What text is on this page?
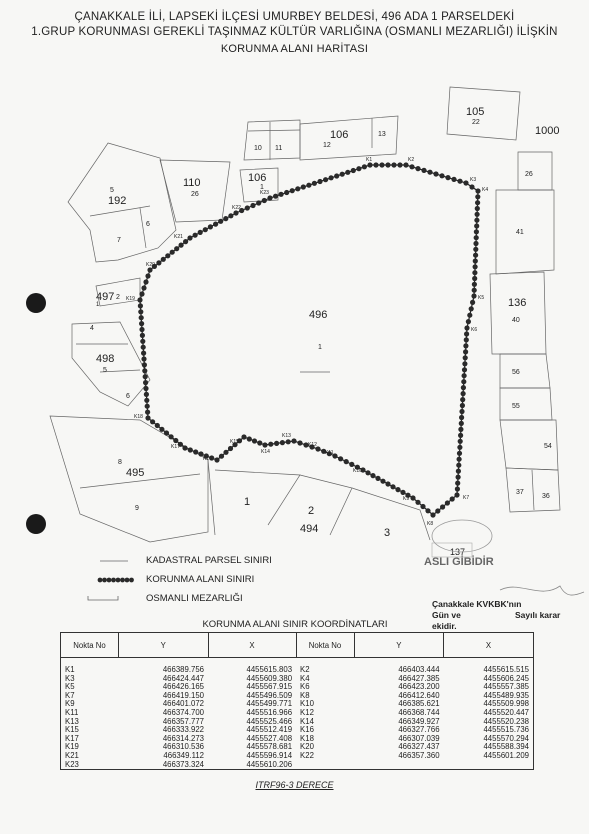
ÇANAKKALE İLİ, LAPSEKİ İLÇESİ UMURBEY BELDESİ, 496 ADA 1 PARSELDEKİ
1.GRUP KORUNMASI GEREKLİ TAŞINMAZ KÜLTÜR VARLIĞINA (OSMANLI MEZARLIĞI) İLİŞKİN
KORUNMA ALANI HARİTASI
K1	K2
K3
K4
K5
K6
K7
K8
K9
K10
K11
K12
K13
K14
K15
K16
K17
K18
K19
K20
K21
K22
K23
1000
105
22
106
12
13
10 11
106
1
110
26
5
192
6
7
497 2
1
1
498
5
4
6
495
8
9
496
136
40
41
26
56
55
54
37
36
1
2
494	3
137
KADASTRAL PARSEL SINIRI
KORUNMA ALANI SINIRI
OSMANLI MEZARLIĞI
ASLI GİBİDİR
Çanakkale KVKBK'nın
Gün ve	Sayılı karar
ekidir.
KORUNMA ALANI SINIR KOORDİNATLARI
Nokta No	Y	X	Nokta No	Y	X
K1	466389.756	4455615.803	K2	466403.444	4455615.515
K3	466424.447	4455609.380	K4	466427.385	4455606.245
K5	466426.165	4455567.915	K6	466423.200	4455557.385
K7	466419.150	4455496.509	K8	466412.640	4455489.935
K9	466401.072	4455499.771	K10	466385.621	4455509.998
K11	466374.700	4455516.966	K12	466368.744	4455520.447
K13	466357.777	4455525.466	K14	466349.927	4455520.238
K15	466333.922	4455512.419	K16	466327.766	4455515.736
K17	466314.273	4455527.408	K18	466307.039	4455570.294
K19	466310.536	4455578.681	K20	466327.437	4455588.394
K21	466349.112	4455596.914	K22	466357.360	4455601.209
K23	466373.324	4455610.206			
ITRF96-3 DERECE
